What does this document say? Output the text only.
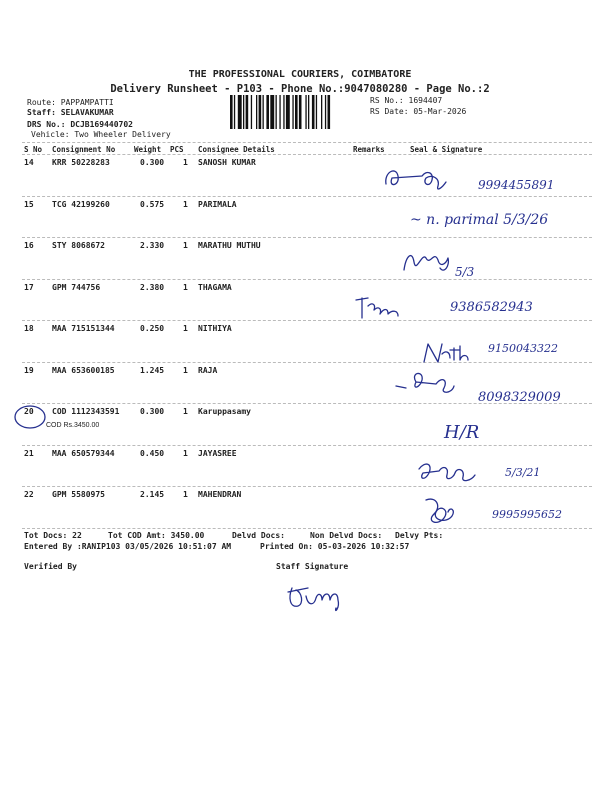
THE PROFESSIONAL COURIERS, COIMBATORE
Delivery Runsheet - P103 - Phone No.:9047080280 - Page No.:2
Route: PAPPAMPATTI
Staff: SELAVAKUMAR
DRS No.: DCJB169440702
Vehicle: Two Wheeler Delivery
RS No.: 1694407
RS Date: 05-Mar-2026
S No Consignment No	Weight PCS Consignee Details	Remarks	Seal & Signature
14 KRR 50228283	0.300 1 SANOSH KUMAR
9994455891
15 TCG 42199260	0.575 1 PARIMALA
~ n. parimal 5/3/26
16 STY 8068672	2.330 1 MARATHU MUTHU
5/3
17 GPM 744756	2.380 1 THAGAMA
9386582943
18 MAA 715151344	0.250 1 NITHIYA
9150043322
19 MAA 653600185	1.245 1 RAJA
8098329009
20 COD 1112343591	0.300 1 Karuppasamy
COD Rs.3450.00	H/R
21 MAA 650579344	0.450 1 JAYASREE
5/3/21
22 GPM 5580975	2.145 1 MAHENDRAN
9995995652
Tot Docs: 22	Tot COD Amt: 3450.00	Delvd Docs:	Non Delvd Docs: Delvy Pts:
Entered By :RANIP103 03/05/2026 10:51:07 AM	Printed On: 05-03-2026 10:32:57
Verified By	Staff Signature
